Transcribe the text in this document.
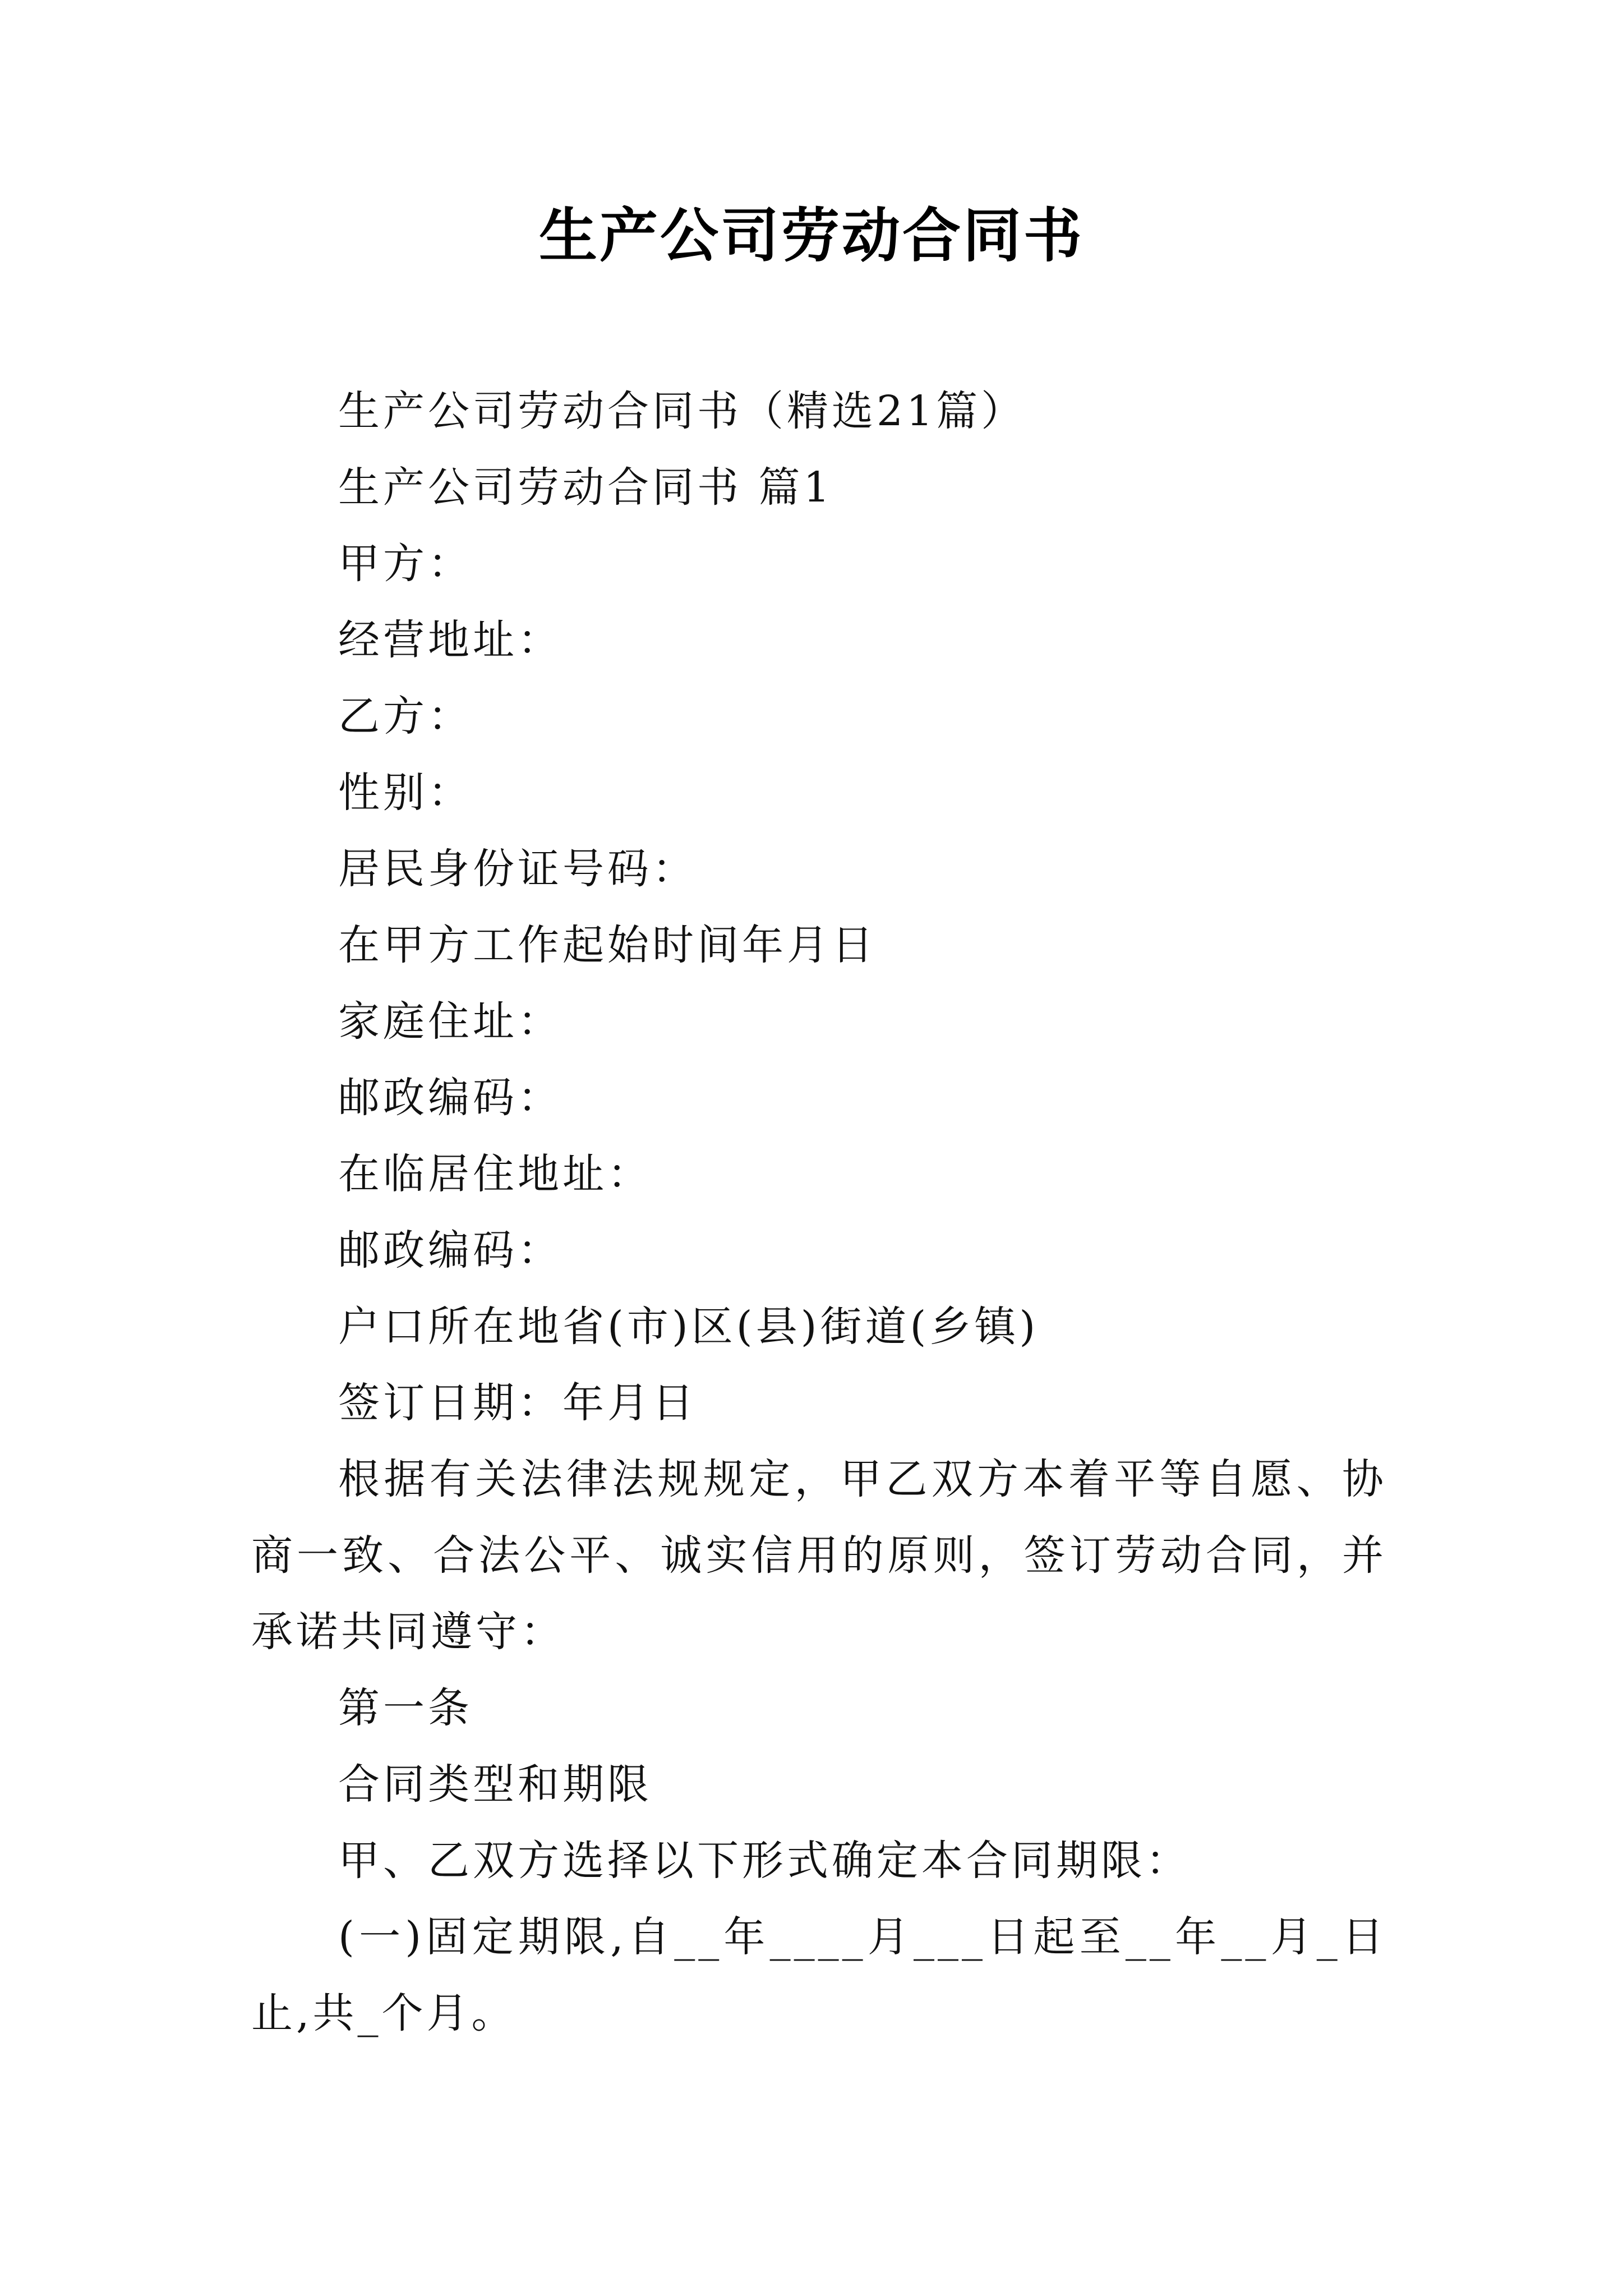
生产公司劳动合同书

生产公司劳动合同书（精选21篇）

生产公司劳动合同书 篇1

甲方：

经营地址：

乙方：

性别：

居民身份证号码：

在甲方工作起始时间年月日

家庭住址：

邮政编码：

在临居住地址：

邮政编码：

户口所在地省(市)区(县)街道(乡镇)

签订日期：年月日

根据有关法律法规规定，甲乙双方本着平等自愿、协商一致、合法公平、诚实信用的原则，签订劳动合同，并承诺共同遵守：

第一条

合同类型和期限

甲、乙双方选择以下形式确定本合同期限：

(一)固定期限,自__年____月___日起至__年__月_日止,共_个月。
